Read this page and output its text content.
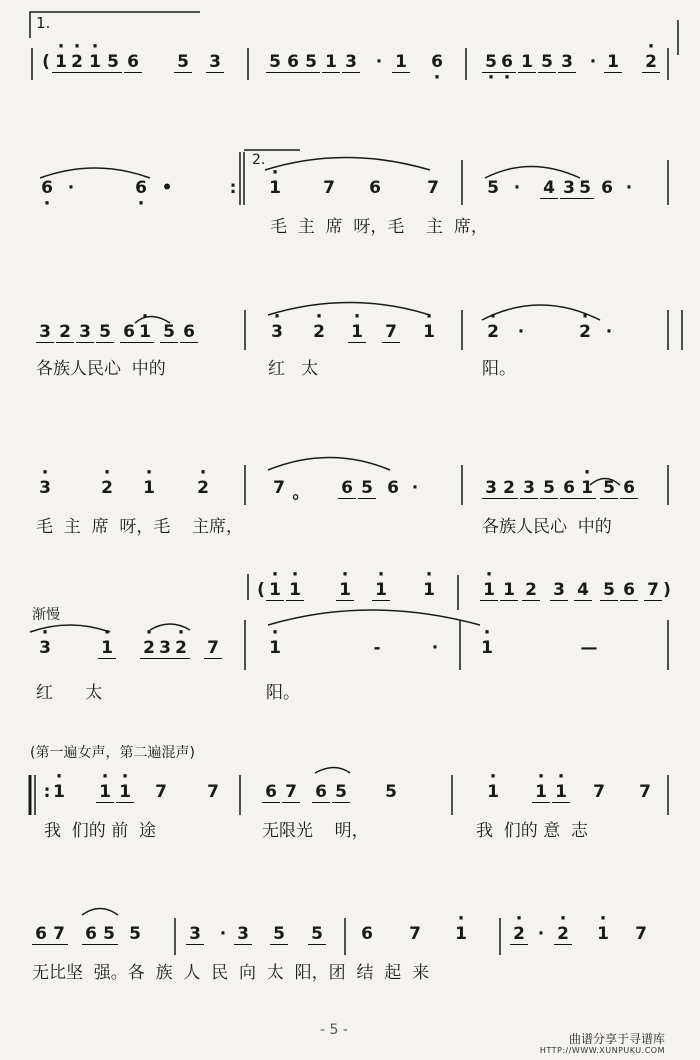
1.
2.
( · 1 · 2 · 1 5 6 5 3	5 6 5 1 3	· 1 6 · 5 · 6 · 1 5 3 · 1 · 2
6 · ·	6 · •	:	· 1 7 6	7	5 ·	4 3 5 6 ·
毛  主  席  呀，毛    主  席，
3 2 3 5 6 · 1 5 6	· 3 · 2 · 1 7 · 1	· 2	·	· 2 ·
各族人民心  中的	红   太	阳。
· 3	· 2 · 1 · 2	7 。 6 5 6 ·	3 2 3 5 6 · 1 5 6
毛  主  席  呀，毛    主席，	各族人民心  中的
( · 1 · 1 · 1 · 1 · 1	· 1 1 2 3 4 5 6 7 )
渐慢
· 3	· 1 · 2 3 · 2 7	· 1	-	·	· 1	—
红      太	阳。
(第一遍女声，第二遍混声)
: · 1 · 1 · 1 7 7	6 7 6 5 5	· 1 · 1 · 1 7 7
我  们的 前  途	无限光    明，	我  们的 意  志
6 7 6 5 5	3	· 3 5 5 6 7 · 1	· 2 · · 2 · 1 7
无比坚  强。各  族  人  民  向  太  阳，团  结  起  来
- 5 -
曲谱分享于寻谱库
HTTP://WWW.XUNPUKU.COM
